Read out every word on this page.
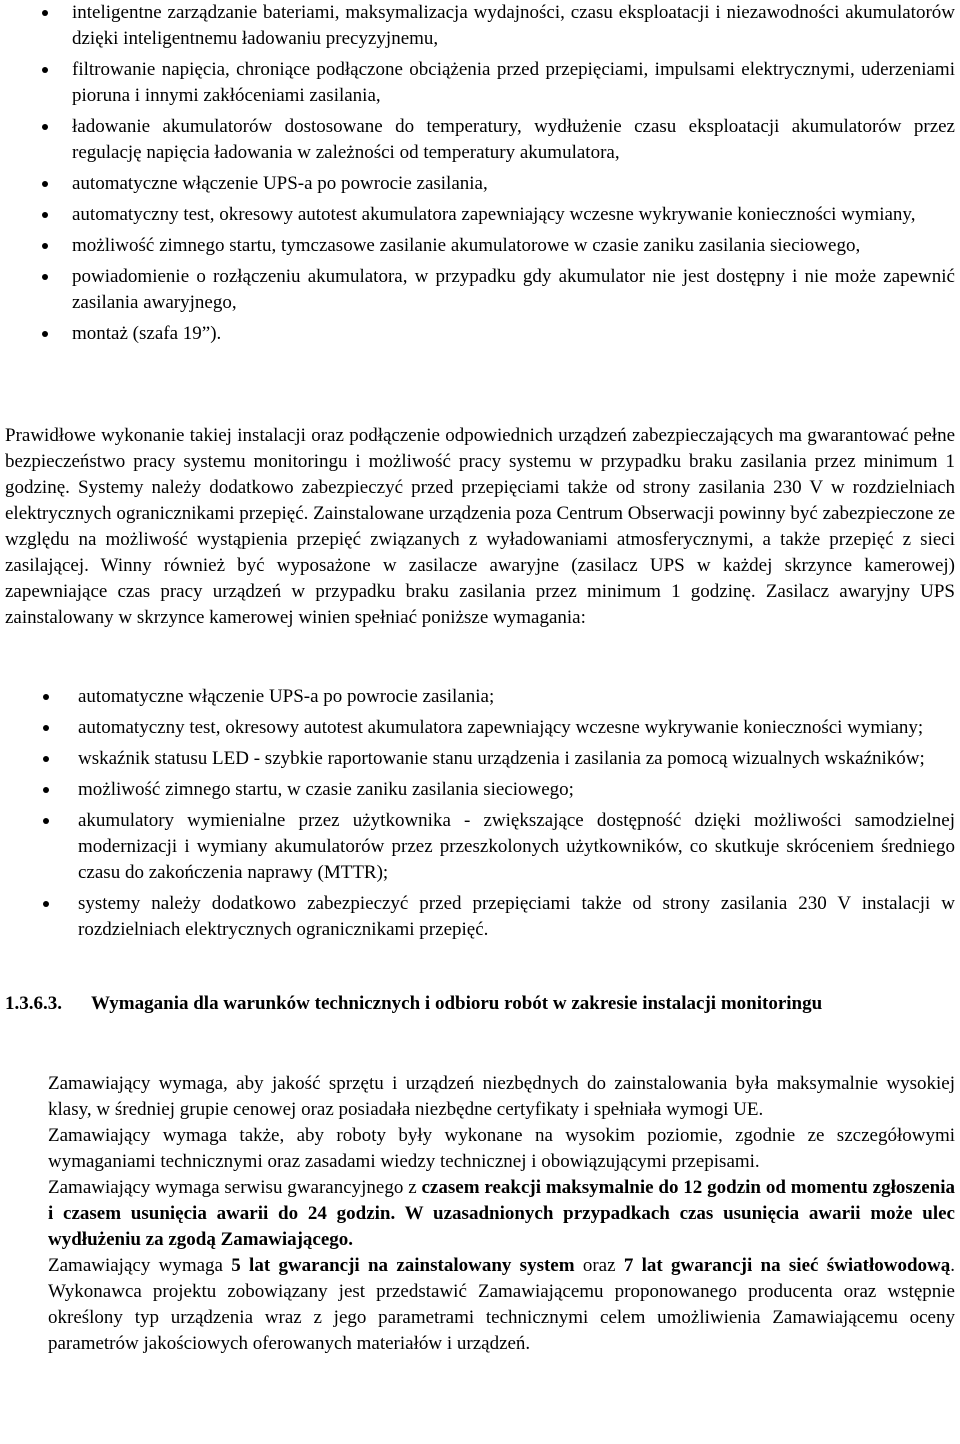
inteligentne zarządzanie bateriami, maksymalizacja wydajności, czasu eksploatacji i niezawodności akumulatorów dzięki inteligentnemu ładowaniu precyzyjnemu,
filtrowanie napięcia, chroniące podłączone obciążenia przed przepięciami, impulsami elektrycznymi, uderzeniami pioruna i innymi zakłóceniami zasilania,
ładowanie akumulatorów dostosowane do temperatury, wydłużenie czasu eksploatacji akumulatorów przez regulację napięcia ładowania w zależności od temperatury akumulatora,
automatyczne włączenie UPS-a po powrocie zasilania,
automatyczny test, okresowy autotest akumulatora zapewniający wczesne wykrywanie konieczności wymiany,
możliwość zimnego startu, tymczasowe zasilanie akumulatorowe w czasie zaniku zasilania sieciowego,
powiadomienie o rozłączeniu akumulatora, w przypadku gdy akumulator nie jest dostępny i nie może zapewnić zasilania awaryjnego,
montaż (szafa 19”).
Prawidłowe wykonanie takiej instalacji oraz podłączenie odpowiednich urządzeń zabezpieczających ma gwarantować pełne bezpieczeństwo pracy systemu monitoringu i możliwość pracy systemu w przypadku braku zasilania przez minimum 1 godzinę. Systemy należy dodatkowo zabezpieczyć przed przepięciami także od strony zasilania 230 V w rozdzielniach elektrycznych ogranicznikami przepięć. Zainstalowane urządzenia poza Centrum Obserwacji powinny być zabezpieczone ze względu na możliwość wystąpienia przepięć związanych z wyładowaniami atmosferycznymi, a także przepięć z sieci zasilającej. Winny również być wyposażone w zasilacze awaryjne (zasilacz UPS w każdej skrzynce kamerowej) zapewniające czas pracy urządzeń w przypadku braku zasilania przez minimum 1 godzinę. Zasilacz awaryjny UPS zainstalowany w skrzynce kamerowej winien spełniać poniższe wymagania:
automatyczne włączenie UPS-a po powrocie zasilania;
automatyczny test, okresowy autotest akumulatora zapewniający wczesne wykrywanie konieczności wymiany;
wskaźnik statusu LED - szybkie raportowanie stanu urządzenia i zasilania za pomocą wizualnych wskaźników;
możliwość zimnego startu, w czasie zaniku zasilania sieciowego;
akumulatory wymienialne przez użytkownika - zwiększające dostępność dzięki możliwości samodzielnej modernizacji i wymiany akumulatorów przez przeszkolonych użytkowników, co skutkuje skróceniem średniego czasu do zakończenia naprawy (MTTR);
systemy należy dodatkowo zabezpieczyć przed przepięciami także od strony zasilania 230 V instalacji w rozdzielniach elektrycznych ogranicznikami przepięć.
1.3.6.3.	Wymagania dla warunków technicznych i odbioru robót w zakresie instalacji monitoringu

Zamawiający wymaga, aby jakość sprzętu i urządzeń niezbędnych do zainstalowania była maksymalnie wysokiej klasy, w średniej grupie cenowej oraz posiadała niezbędne certyfikaty i spełniała wymogi UE.

Zamawiający wymaga także, aby roboty były wykonane na wysokim poziomie, zgodnie ze szczegółowymi wymaganiami technicznymi oraz zasadami wiedzy technicznej i obowiązującymi przepisami.

Zamawiający wymaga serwisu gwarancyjnego z czasem reakcji maksymalnie do 12 godzin od momentu zgłoszenia i czasem usunięcia awarii do 24 godzin. W uzasadnionych przypadkach czas usunięcia awarii może ulec wydłużeniu za zgodą Zamawiającego.

Zamawiający wymaga 5 lat gwarancji na zainstalowany system oraz 7 lat gwarancji na sieć światłowodową. Wykonawca projektu zobowiązany jest przedstawić Zamawiającemu proponowanego producenta oraz wstępnie określony typ urządzenia wraz z jego parametrami technicznymi celem umożliwienia Zamawiającemu oceny parametrów jakościowych oferowanych materiałów i urządzeń.
